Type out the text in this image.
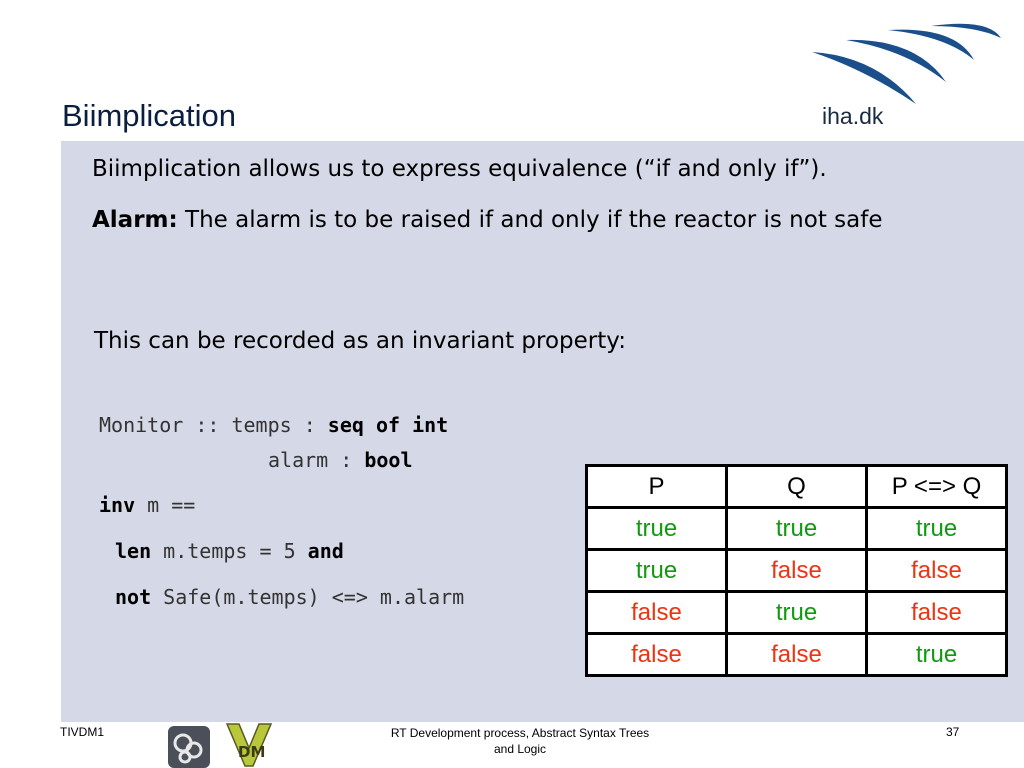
Biimplication	iha.dk
Biimplication allows us to express equivalence (“if and only if”).
Alarm: The alarm is to be raised if and only if the reactor is not safe
This can be recorded as an invariant property:
Monitor :: temps : seq of int
alarm : bool
inv m ==
len m.temps = 5 and
not Safe(m.temps) <=> m.alarm
P	Q	P <=> Q
true	true	true
true	false	false
false	true	false
false	false	true
TIVDM1
DM
RT Development process, Abstract Syntax Trees
and Logic
37
